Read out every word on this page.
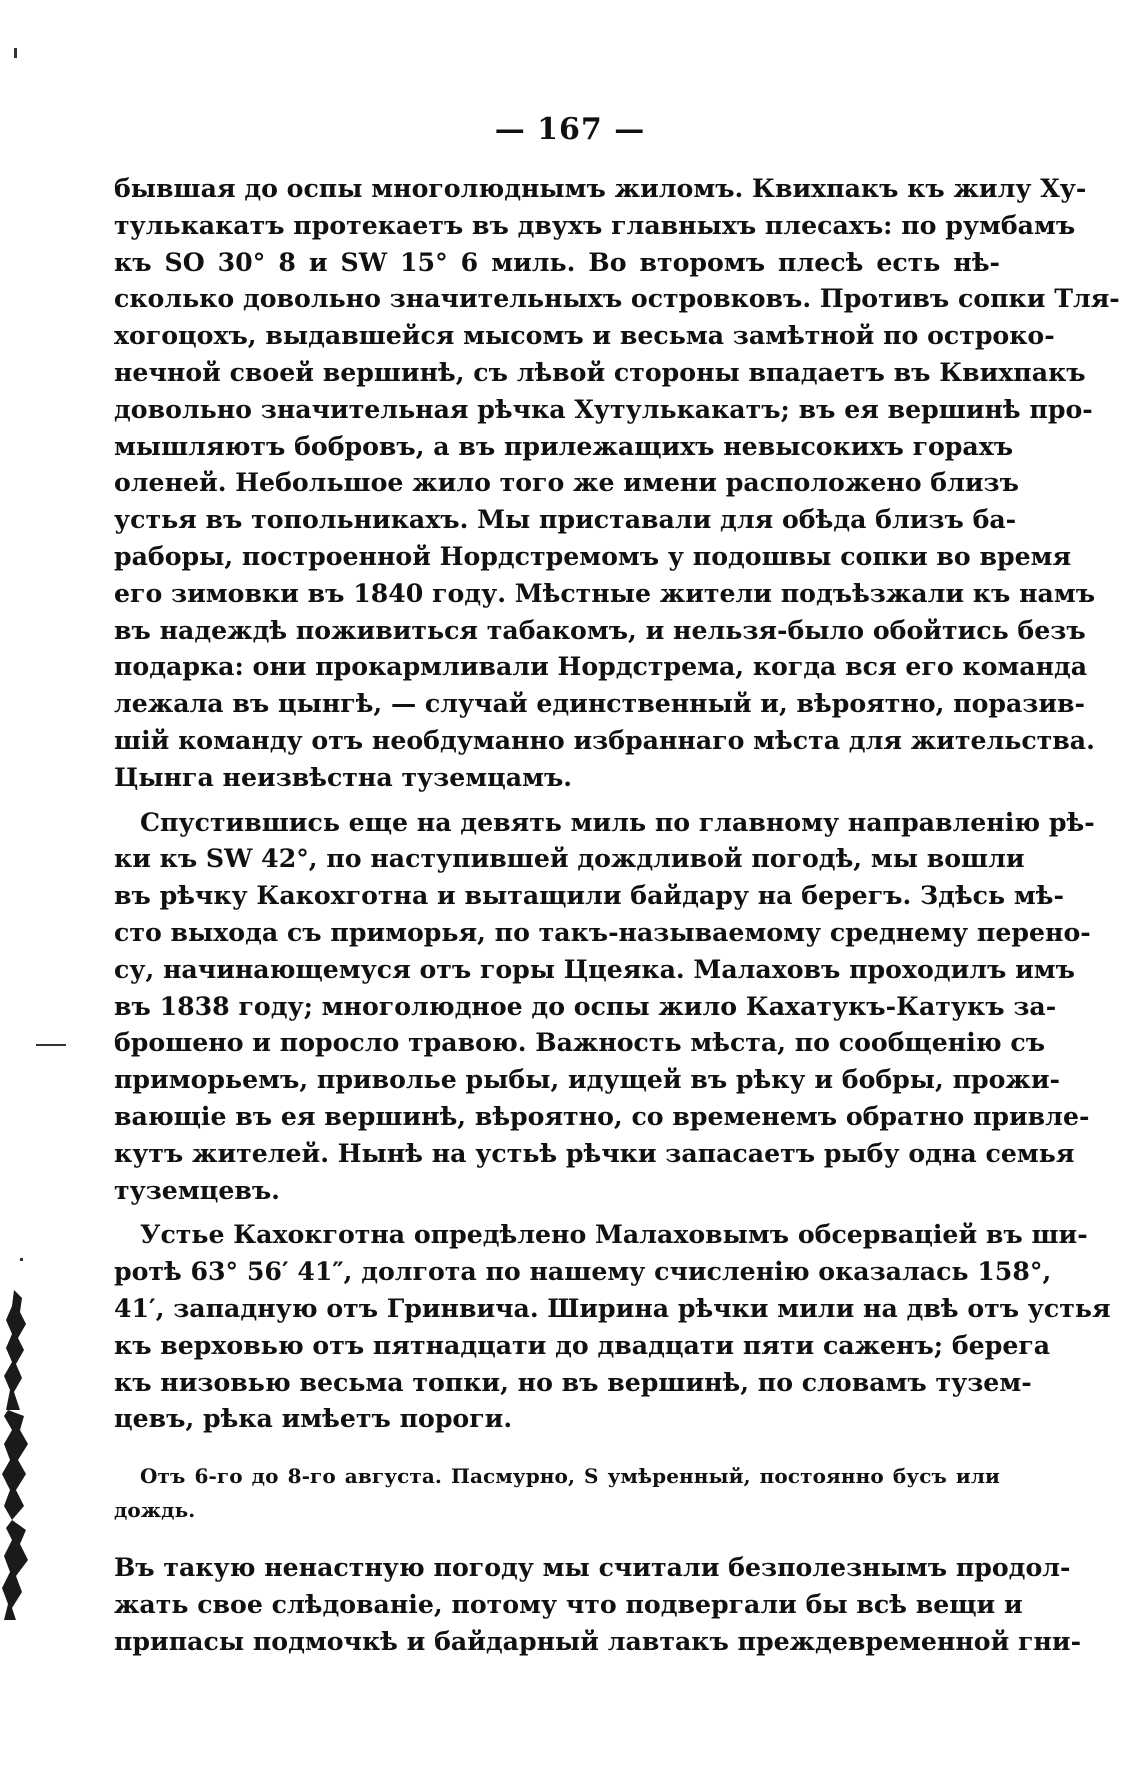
— 167 —
бывшая до оспы многолюднымъ жиломъ. Квихпакъ къ жилу Ху-
тулькакатъ протекаетъ въ двухъ главныхъ плесахъ: по румбамъ
къ SO 30° 8 и SW 15° 6 миль. Во второмъ плесѣ есть нѣ-
сколько довольно значительныхъ островковъ. Противъ сопки Тля-
хогоцохъ, выдавшейся мысомъ и весьма замѣтной по остроко-
нечной своей вершинѣ, съ лѣвой стороны впадаетъ въ Квихпакъ
довольно значительная рѣчка Хутулькакатъ; въ ея вершинѣ про-
мышляютъ бобровъ, а въ прилежащихъ невысокихъ горахъ
оленей. Небольшое жило того же имени расположено близъ
устья въ топольникахъ. Мы приставали для обѣда близъ ба-
раборы, построенной Нордстремомъ у подошвы сопки во время
его зимовки въ 1840 году. Мѣстные жители подъѣзжали къ намъ
въ надеждѣ поживиться табакомъ, и нельзя-было обойтись безъ
подарка: они прокармливали Нордстрема, когда вся его команда
лежала въ цынгѣ, — случай единственный и, вѣроятно, поразив-
шій команду отъ необдуманно избраннаго мѣста для жительства.
Цынга неизвѣстна туземцамъ.
Спустившись еще на девять миль по главному направленію рѣ-
ки къ SW 42°, по наступившей дождливой погодѣ, мы вошли
въ рѣчку Какохготна и вытащили байдару на берегъ. Здѣсь мѣ-
сто выхода съ приморья, по такъ-называемому среднему перено-
су, начинающемуся отъ горы Ццеяка. Малаховъ проходилъ имъ
въ 1838 году; многолюдное до оспы жило Кахатукъ-Катукъ за-
брошено и поросло травою. Важность мѣста, по сообщенію съ
приморьемъ, приволье рыбы, идущей въ рѣку и бобры, прожи-
вающіе въ ея вершинѣ, вѣроятно, со временемъ обратно привле-
кутъ жителей. Нынѣ на устьѣ рѣчки запасаетъ рыбу одна семья
туземцевъ.
Устье Кахокготна опредѣлено Малаховымъ обсерваціей въ ши-
ротѣ 63° 56′ 41″, долгота по нашему счисленію оказалась 158°,
41′, западную отъ Гринвича. Ширина рѣчки мили на двѣ отъ устья
къ верховью отъ пятнадцати до двадцати пяти саженъ; берега
къ низовью весьма топки, но въ вершинѣ, по словамъ тузем-
цевъ, рѣка имѣетъ пороги.
Отъ 6-го до 8-го августа. Пасмурно, S умѣренный, постоянно бусъ или
дождь.
Въ такую ненастную погоду мы считали безполезнымъ продол-
жать свое слѣдованіе, потому что подвергали бы всѣ вещи и
припасы подмочкѣ и байдарный лавтакъ преждевременной гни-
